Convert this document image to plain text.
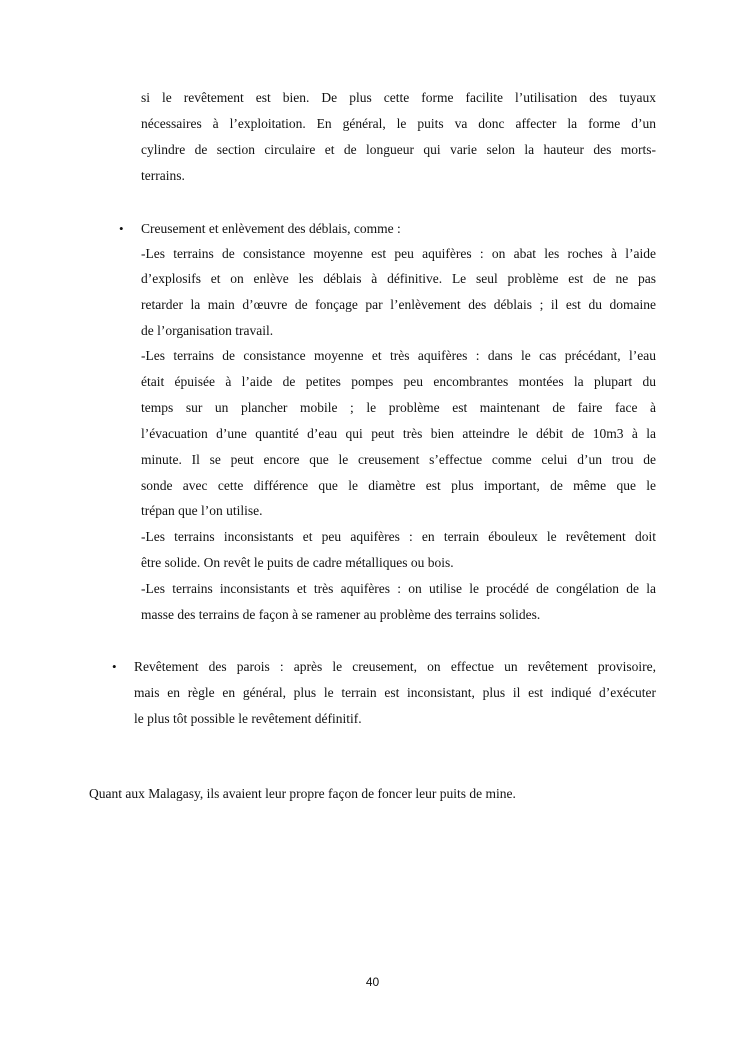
si le revêtement est bien. De plus cette forme facilite l’utilisation des tuyaux
nécessaires à l’exploitation. En général, le puits va donc affecter la forme d’un
cylindre de section circulaire et de longueur qui varie selon la hauteur des morts-
terrains.
• Creusement et enlèvement des déblais, comme :
-Les terrains de consistance moyenne est peu aquifères : on abat les roches à l’aide
d’explosifs et on enlève les déblais à définitive. Le seul problème est de ne pas
retarder la main d’œuvre de fonçage par l’enlèvement des déblais ; il est du domaine
de l’organisation travail.
-Les terrains de consistance moyenne et très aquifères : dans le cas précédant, l’eau
était épuisée à l’aide de petites pompes peu encombrantes montées la plupart du
temps sur un plancher mobile ; le problème est maintenant de faire face à
l’évacuation d’une quantité d’eau qui peut très bien atteindre le débit de 10m3 à la
minute. Il se peut encore que le creusement s’effectue comme celui d’un trou de
sonde avec cette différence que le diamètre est plus important, de même que le
trépan que l’on utilise.
-Les terrains inconsistants et peu aquifères : en terrain ébouleux le revêtement doit
être solide. On revêt le puits de cadre métalliques ou bois.
-Les terrains inconsistants et très aquifères : on utilise le procédé de congélation de la
masse des terrains de façon à se ramener au problème des terrains solides.
• Revêtement des parois : après le creusement, on effectue un revêtement provisoire,
mais en règle en général, plus le terrain est inconsistant, plus il est indiqué d’exécuter
le plus tôt possible le revêtement définitif.
Quant aux Malagasy, ils avaient leur propre façon de foncer leur puits de mine.
40
